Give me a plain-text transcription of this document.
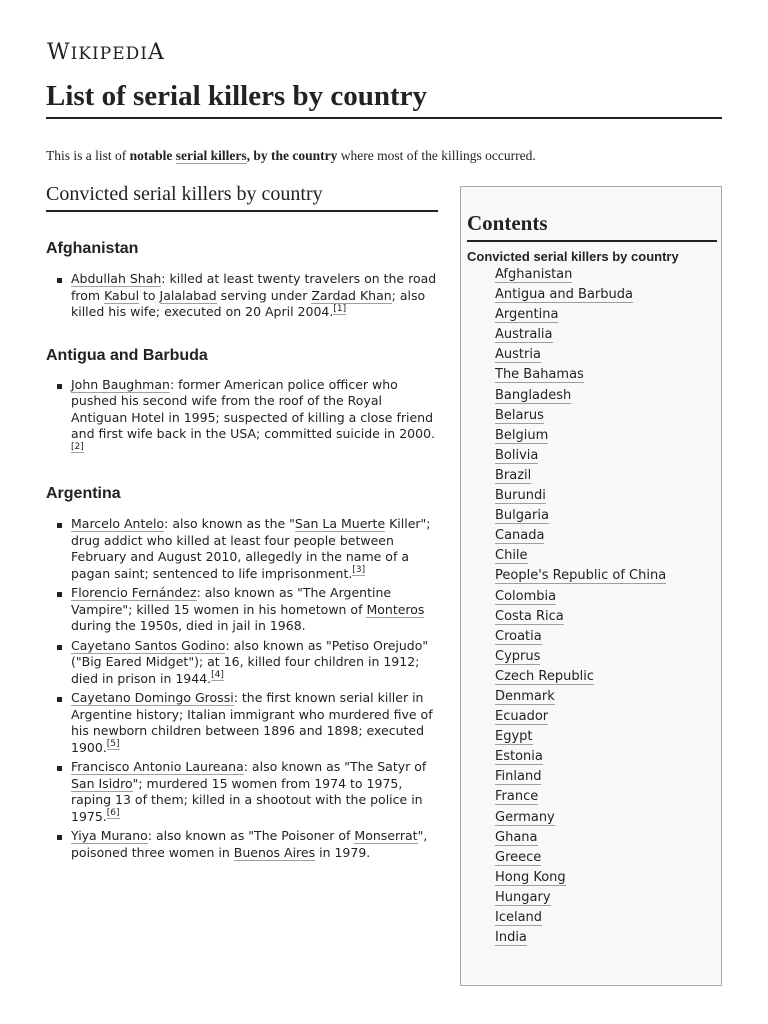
WIKIPEDIA
List of serial killers by country

This is a list of notable serial killers, by the country where most of the killings occurred.

Convicted serial killers by country
Afghanistan
Abdullah Shah: killed at least twenty travelers on the road from Kabul to Jalalabad serving under Zardad Khan; also killed his wife; executed on 20 April 2004.[1]
Antigua and Barbuda
John Baughman: former American police officer who pushed his second wife from the roof of the Royal Antiguan Hotel in 1995; suspected of killing a close friend and first wife back in the USA; committed suicide in 2000.[2]
Argentina
Marcelo Antelo: also known as the "San La Muerte Killer"; drug addict who killed at least four people between February and August 2010, allegedly in the name of a pagan saint; sentenced to life imprisonment.[3]
Florencio Fernández: also known as "The Argentine Vampire"; killed 15 women in his hometown of Monteros during the 1950s, died in jail in 1968.
Cayetano Santos Godino: also known as "Petiso Orejudo" ("Big Eared Midget"); at 16, killed four children in 1912; died in prison in 1944.[4]
Cayetano Domingo Grossi: the first known serial killer in Argentine history; Italian immigrant who murdered five of his newborn children between 1896 and 1898; executed 1900.[5]
Francisco Antonio Laureana: also known as "The Satyr of San Isidro"; murdered 15 women from 1974 to 1975, raping 13 of them; killed in a shootout with the police in 1975.[6]
Yiya Murano: also known as "The Poisoner of Monserrat", poisoned three women in Buenos Aires in 1979.
Contents
Convicted serial killers by country
Afghanistan
Antigua and Barbuda
Argentina
Australia
Austria
The Bahamas
Bangladesh
Belarus
Belgium
Bolivia
Brazil
Burundi
Bulgaria
Canada
Chile
People's Republic of China
Colombia
Costa Rica
Croatia
Cyprus
Czech Republic
Denmark
Ecuador
Egypt
Estonia
Finland
France
Germany
Ghana
Greece
Hong Kong
Hungary
Iceland
India
